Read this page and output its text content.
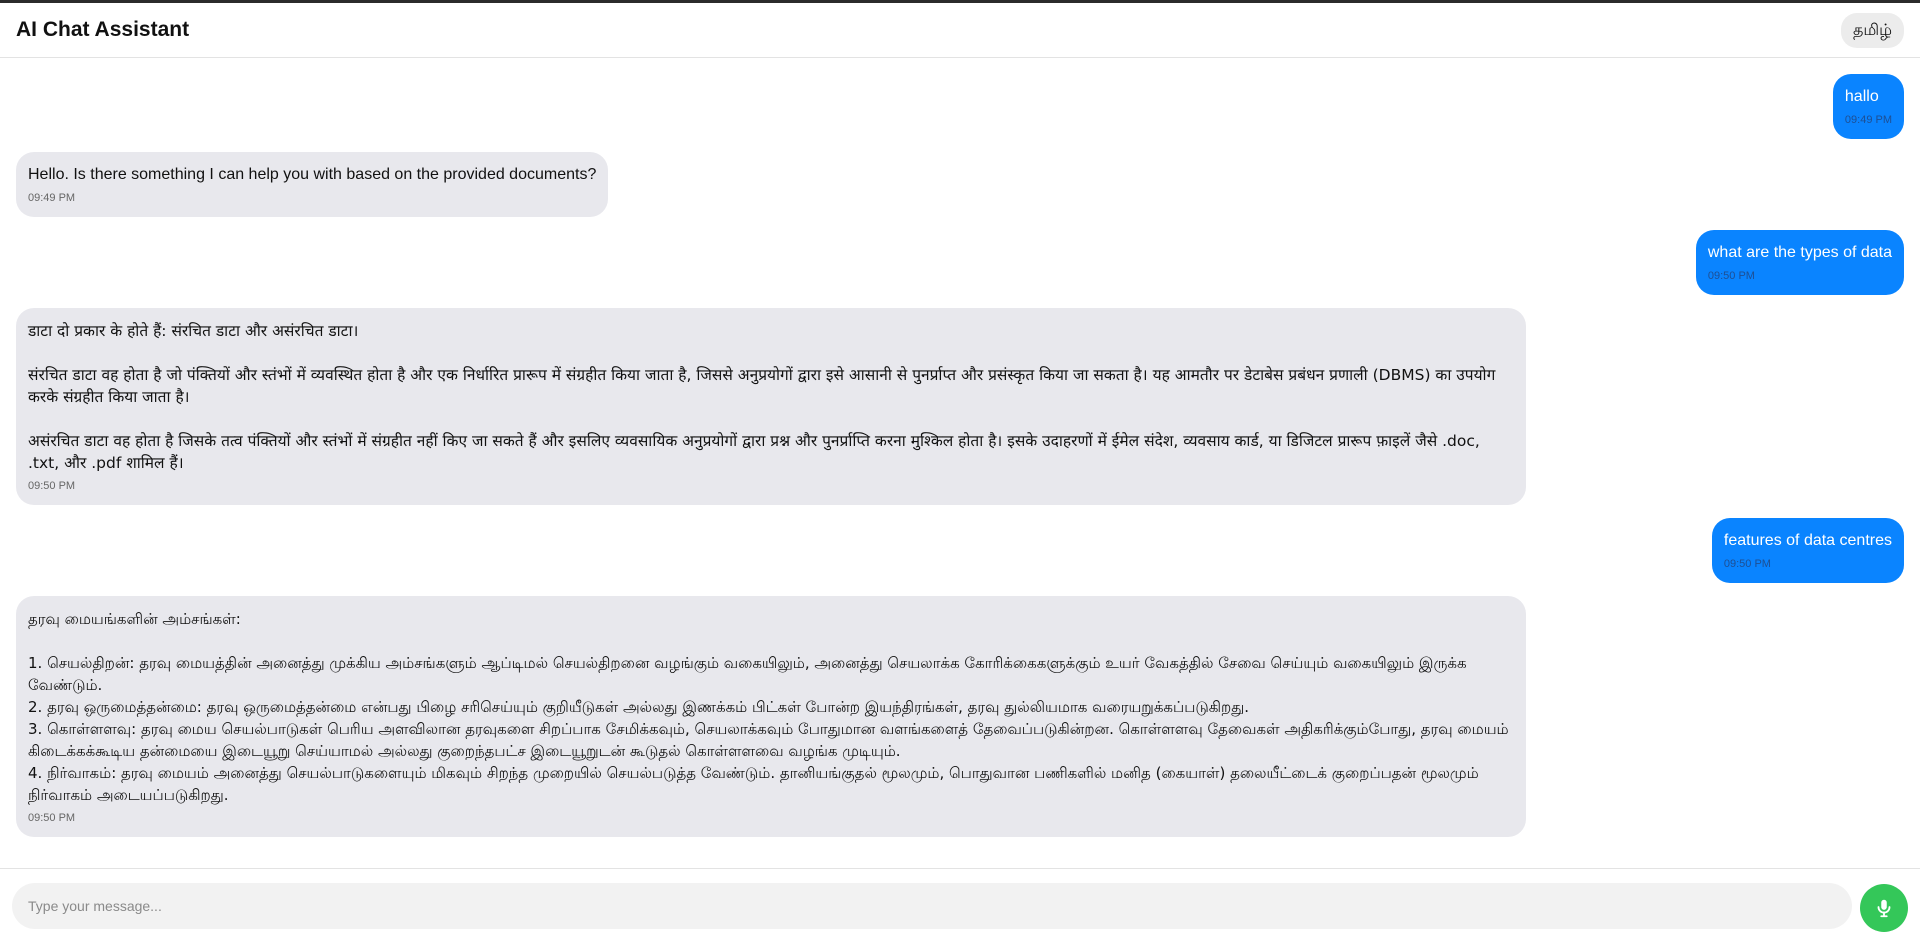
AI Chat Assistant	தமிழ்
hallo
09:49 PM
Hello. Is there something I can help you with based on the provided documents?
09:49 PM
what are the types of data
09:50 PM
डाटा दो प्रकार के होते हैं: संरचित डाटा और असंरचित डाटा।

संरचित डाटा वह होता है जो पंक्तियों और स्तंभों में व्यवस्थित होता है और एक निर्धारित प्रारूप में संग्रहीत किया जाता है, जिससे अनुप्रयोगों द्वारा इसे आसानी से पुनर्प्राप्त और प्रसंस्कृत किया जा सकता है। यह आमतौर पर डेटाबेस प्रबंधन प्रणाली (DBMS) का उपयोग करके संग्रहीत किया जाता है।

असंरचित डाटा वह होता है जिसके तत्व पंक्तियों और स्तंभों में संग्रहीत नहीं किए जा सकते हैं और इसलिए व्यवसायिक अनुप्रयोगों द्वारा प्रश्न और पुनर्प्राप्ति करना मुश्किल होता है। इसके उदाहरणों में ईमेल संदेश, व्यवसाय कार्ड, या डिजिटल प्रारूप फ़ाइलें जैसे .doc, .txt, और .pdf शामिल हैं।
09:50 PM
features of data centres
09:50 PM
தரவு மையங்களின் அம்சங்கள்:

1. செயல்திறன்: தரவு மையத்தின் அனைத்து முக்கிய அம்சங்களும் ஆப்டிமல் செயல்திறனை வழங்கும் வகையிலும், அனைத்து செயலாக்க கோரிக்கைகளுக்கும் உயர் வேகத்தில் சேவை செய்யும் வகையிலும் இருக்க வேண்டும்.
2. தரவு ஒருமைத்தன்மை: தரவு ஒருமைத்தன்மை என்பது பிழை சரிசெய்யும் குறியீடுகள் அல்லது இணக்கம் பிட்கள் போன்ற இயந்திரங்கள், தரவு துல்லியமாக வரையறுக்கப்படுகிறது.
3. கொள்ளளவு: தரவு மைய செயல்பாடுகள் பெரிய அளவிலான தரவுகளை சிறப்பாக சேமிக்கவும், செயலாக்கவும் போதுமான வளங்களைத் தேவைப்படுகின்றன. கொள்ளளவு தேவைகள் அதிகரிக்கும்போது, தரவு மையம் கிடைக்கக்கூடிய தன்மையை இடையூறு செய்யாமல் அல்லது குறைந்தபட்ச இடையூறுடன் கூடுதல் கொள்ளளவை வழங்க முடியும்.
4. நிர்வாகம்: தரவு மையம் அனைத்து செயல்பாடுகளையும் மிகவும் சிறந்த முறையில் செயல்படுத்த வேண்டும். தானியங்குதல் மூலமும், பொதுவான பணிகளில் மனித (கையாள்) தலையீட்டைக் குறைப்பதன் மூலமும் நிர்வாகம் அடையப்படுகிறது.
09:50 PM
Type your message...
